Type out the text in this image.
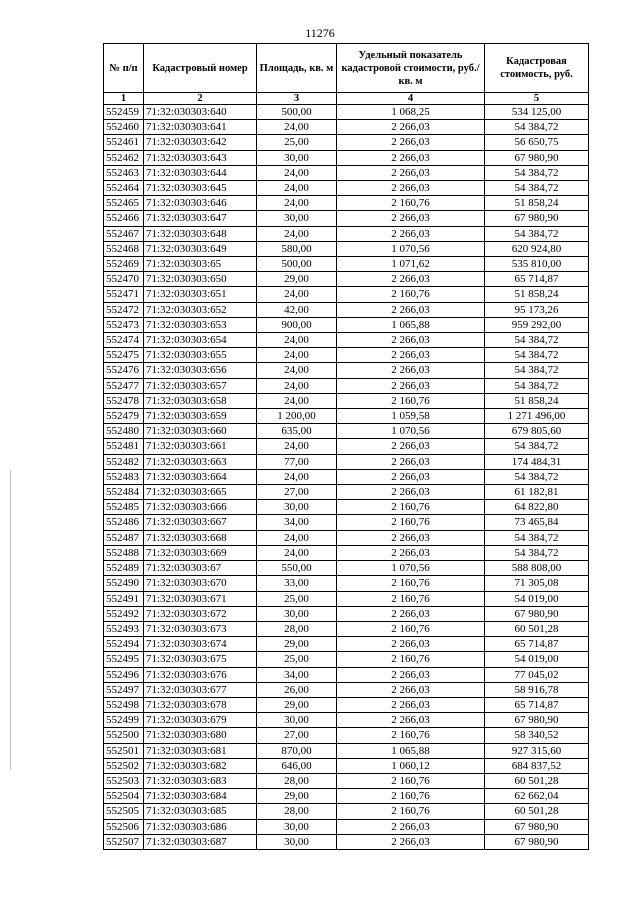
11276
№ п/п	Кадастровый номер	Площадь, кв. м	Удельный показатель кадастровой стоимости, руб./кв. м	Кадастровая стоимость, руб.
1	2	3	4	5
552459	71:32:030303:640	500,00	1 068,25	534 125,00
552460	71:32:030303:641	24,00	2 266,03	54 384,72
552461	71:32:030303:642	25,00	2 266,03	56 650,75
552462	71:32:030303:643	30,00	2 266,03	67 980,90
552463	71:32:030303:644	24,00	2 266,03	54 384,72
552464	71:32:030303:645	24,00	2 266,03	54 384,72
552465	71:32:030303:646	24,00	2 160,76	51 858,24
552466	71:32:030303:647	30,00	2 266,03	67 980,90
552467	71:32:030303:648	24,00	2 266,03	54 384,72
552468	71:32:030303:649	580,00	1 070,56	620 924,80
552469	71:32:030303:65	500,00	1 071,62	535 810,00
552470	71:32:030303:650	29,00	2 266,03	65 714,87
552471	71:32:030303:651	24,00	2 160,76	51 858,24
552472	71:32:030303:652	42,00	2 266,03	95 173,26
552473	71:32:030303:653	900,00	1 065,88	959 292,00
552474	71:32:030303:654	24,00	2 266,03	54 384,72
552475	71:32:030303:655	24,00	2 266,03	54 384,72
552476	71:32:030303:656	24,00	2 266,03	54 384,72
552477	71:32:030303:657	24,00	2 266,03	54 384,72
552478	71:32:030303:658	24,00	2 160,76	51 858,24
552479	71:32:030303:659	1 200,00	1 059,58	1 271 496,00
552480	71:32:030303:660	635,00	1 070,56	679 805,60
552481	71:32:030303:661	24,00	2 266,03	54 384,72
552482	71:32:030303:663	77,00	2 266,03	174 484,31
552483	71:32:030303:664	24,00	2 266,03	54 384,72
552484	71:32:030303:665	27,00	2 266,03	61 182,81
552485	71:32:030303:666	30,00	2 160,76	64 822,80
552486	71:32:030303:667	34,00	2 160,76	73 465,84
552487	71:32:030303:668	24,00	2 266,03	54 384,72
552488	71:32:030303:669	24,00	2 266,03	54 384,72
552489	71:32:030303:67	550,00	1 070,56	588 808,00
552490	71:32:030303:670	33,00	2 160,76	71 305,08
552491	71:32:030303:671	25,00	2 160,76	54 019,00
552492	71:32:030303:672	30,00	2 266,03	67 980,90
552493	71:32:030303:673	28,00	2 160,76	60 501,28
552494	71:32:030303:674	29,00	2 266,03	65 714,87
552495	71:32:030303:675	25,00	2 160,76	54 019,00
552496	71:32:030303:676	34,00	2 266,03	77 045,02
552497	71:32:030303:677	26,00	2 266,03	58 916,78
552498	71:32:030303:678	29,00	2 266,03	65 714,87
552499	71:32:030303:679	30,00	2 266,03	67 980,90
552500	71:32:030303:680	27,00	2 160,76	58 340,52
552501	71:32:030303:681	870,00	1 065,88	927 315,60
552502	71:32:030303:682	646,00	1 060,12	684 837,52
552503	71:32:030303:683	28,00	2 160,76	60 501,28
552504	71:32:030303:684	29,00	2 160,76	62 662,04
552505	71:32:030303:685	28,00	2 160,76	60 501,28
552506	71:32:030303:686	30,00	2 266,03	67 980,90
552507	71:32:030303:687	30,00	2 266,03	67 980,90
